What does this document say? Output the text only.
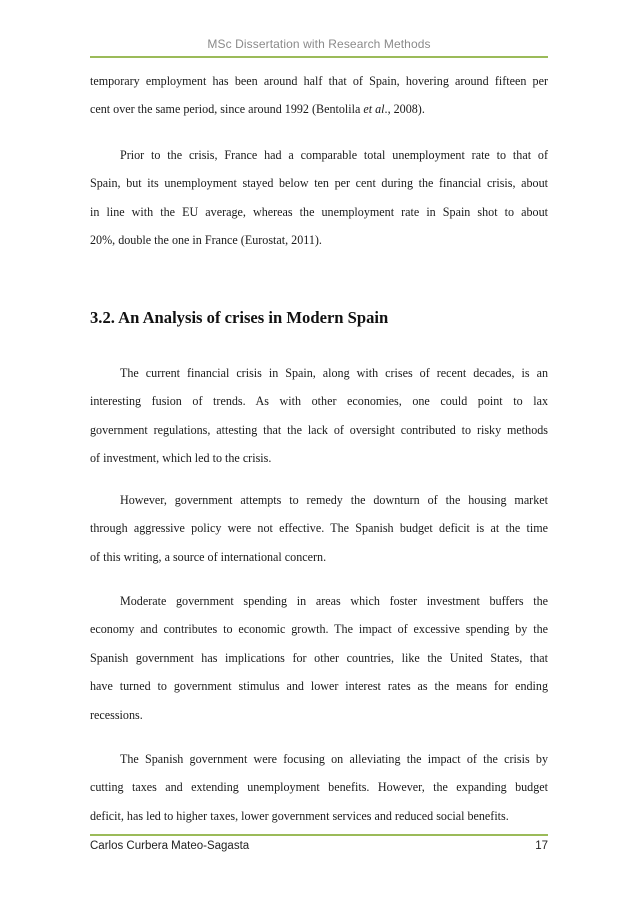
MSc Dissertation with Research Methods
temporary employment has been around half that of Spain, hovering around fifteen per
cent over the same period, since around 1992 (Bentolila et al., 2008).
Prior to the crisis, France had a comparable total unemployment rate to that of
Spain, but its unemployment stayed below ten per cent during the financial crisis, about
in line with the EU average, whereas the unemployment rate in Spain shot to about
20%, double the one in France (Eurostat, 2011).
3.2. An Analysis of crises in Modern Spain
The current financial crisis in Spain, along with crises of recent decades, is an
interesting fusion of trends. As with other economies, one could point to lax
government regulations, attesting that the lack of oversight contributed to risky methods
of investment, which led to the crisis.
However, government attempts to remedy the downturn of the housing market
through aggressive policy were not effective. The Spanish budget deficit is at the time
of this writing, a source of international concern.
Moderate government spending in areas which foster investment buffers the
economy and contributes to economic growth. The impact of excessive spending by the
Spanish government has implications for other countries, like the United States, that
have turned to government stimulus and lower interest rates as the means for ending
recessions.
The Spanish government were focusing on alleviating the impact of the crisis by
cutting taxes and extending unemployment benefits. However, the expanding budget
deficit, has led to higher taxes, lower government services and reduced social benefits.
Carlos Curbera Mateo-Sagasta	17
